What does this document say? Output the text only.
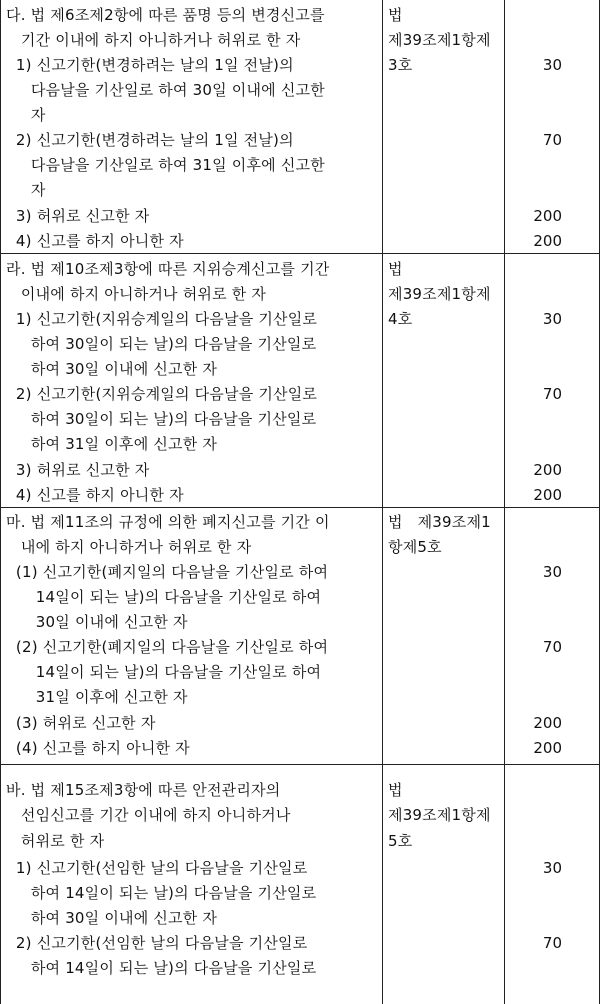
다. 법 제6조제2항에 따른 품명 등의 변경신고를
기간 이내에 하지 아니하거나 허위로 한 자
1) 신고기한(변경하려는 날의 1일 전날)의
다음날을 기산일로 하여 30일 이내에 신고한
자
2) 신고기한(변경하려는 날의 1일 전날)의
다음날을 기산일로 하여 31일 이후에 신고한
자
3) 허위로 신고한 자
4) 신고를 하지 아니한 자
법
제39조제1항제
3호	30
70
200
200
라. 법 제10조제3항에 따른 지위승계신고를 기간
이내에 하지 아니하거나 허위로 한 자
1) 신고기한(지위승계일의 다음날을 기산일로
하여 30일이 되는 날)의 다음날을 기산일로
하여 30일 이내에 신고한 자
2) 신고기한(지위승계일의 다음날을 기산일로
하여 30일이 되는 날)의 다음날을 기산일로
하여 31일 이후에 신고한 자
3) 허위로 신고한 자
4) 신고를 하지 아니한 자
법
제39조제1항제
4호	30
70
200
200
마. 법 제11조의 규정에 의한 폐지신고를 기간 이
내에 하지 아니하거나 허위로 한 자
(1) 신고기한(폐지일의 다음날을 기산일로 하여
14일이 되는 날)의 다음날을 기산일로 하여
30일 이내에 신고한 자
(2) 신고기한(폐지일의 다음날을 기산일로 하여
14일이 되는 날)의 다음날을 기산일로 하여
31일 이후에 신고한 자
(3) 허위로 신고한 자
(4) 신고를 하지 아니한 자
법   제39조제1
항제5호
30
70
200
200
바. 법 제15조제3항에 따른 안전관리자의
선임신고를 기간 이내에 하지 아니하거나
허위로 한 자
1) 신고기한(선임한 날의 다음날을 기산일로
하여 14일이 되는 날)의 다음날을 기산일로
하여 30일 이내에 신고한 자
2) 신고기한(선임한 날의 다음날을 기산일로
하여 14일이 되는 날)의 다음날을 기산일로
법
제39조제1항제
5호
30
70
